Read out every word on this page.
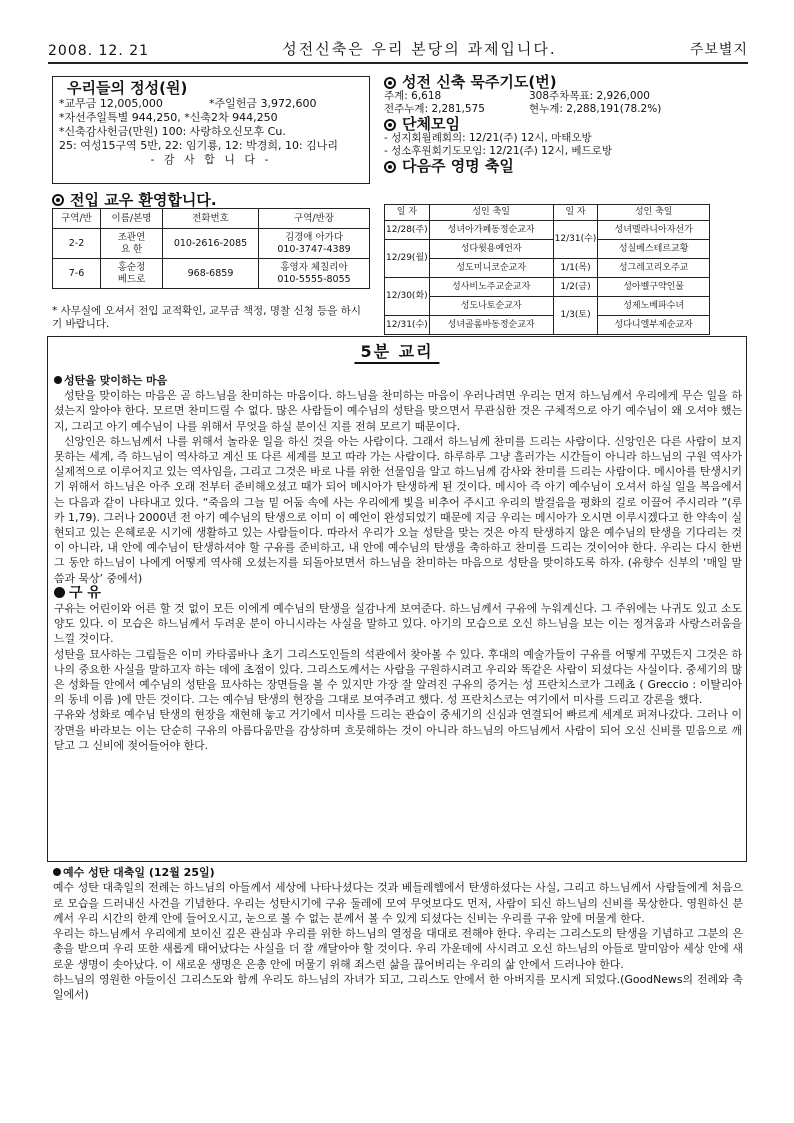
2008. 12. 21	성전신축은 우리 본당의 과제입니다.	주보별지
우리들의 정성(원)
*교무금 12,005,000	*주일헌금 3,972,600
*자선주일특별 944,250, *신축2차 944,250
*신축감사헌금(만원) 100: 사랑하오신모후 Cu.
25: 여성15구역 5반, 22: 임기룡, 12: 박경희, 10: 김나리
- 감 사 합 니 다 -
전입 교우 환영합니다.
구역/반	이름/본명	전화번호	구역/반장
2-2	조관연
요 한	010-2616-2085	김경애 아가다
010-3747-4389
7-6	홍순정
베드로	968-6859	홍영자 체칠리아
010-5555-8055
* 사무실에 오셔서 전입 교적확인, 교무금 책정, 명찰 신청 등을 하시기 바랍니다.
성전 신축 묵주기도(번)
주계: 6,618	308주차목표: 2,926,000
전주누계: 2,281,575	현누계: 2,288,191(78.2%)
단체모임
- 성지회월례회의: 12/21(주) 12시, 마태오방
- 성소후원회기도모임: 12/21(주) 12시, 베드로방
다음주 영명 축일
일 자	성인 축일	일 자	성인 축일
12/28(주)	성녀아가페동정순교자	12/31(수)	성녀멜라니아자선가
12/29(월)	성다윗용예언자		성실베스테르교황
	성도미니코순교자	1/1(목)	성그레고리오주교
12/30(화)	성사비노주교순교자	1/2(금)	성아벨구약인물
	성도나토순교자	1/3(토)	성제노베파수녀
12/31(수)	성녀골롬바동정순교자		성다니엘부제순교자
5분 교리
성탄을 맞이하는 마음

성탄을 맞이하는 마음은 곧 하느님을 찬미하는 마음이다. 하느님을 찬미하는 마음이 우러나려면 우리는 먼저 하느님께서 우리에게 무슨 일을 하셨는지 알아야 한다. 모르면 찬미드릴 수 없다. 많은 사람들이 예수님의 성탄을 맞으면서 무관심한 것은 구체적으로 아기 예수님이 왜 오셔야 했는지, 그리고 아기 예수님이 나를 위해서 무엇을 하실 분이신 지를 전혀 모르기 때문이다.

신앙인은 하느님께서 나를 위해서 놀라운 일을 하신 것을 아는 사람이다. 그래서 하느님께 찬미를 드리는 사람이다. 신앙인은 다른 사람이 보지 못하는 세계, 즉 하느님이 역사하고 계신 또 다른 세계를 보고 따라 가는 사람이다. 하루하루 그냥 흘러가는 시간들이 아니라 하느님의 구원 역사가 실제적으로 이루어지고 있는 역사임을, 그리고 그것은 바로 나를 위한 선물임을 알고 하느님께 감사와 찬미를 드리는 사람이다. 메시아를 탄생시키기 위해서 하느님은 아주 오래 전부터 준비해오셨고 때가 되어 메시아가 탄생하게 된 것이다. 메시아 즉 아기 예수님이 오셔서 하실 일을 복음에서는 다음과 같이 나타내고 있다. “죽음의 그늘 밑 어둠 속에 사는 우리에게 빛을 비추어 주시고 우리의 발걸음을 평화의 길로 이끌어 주시리라 ”(루카 1,79). 그러나 2000년 전 아기 예수님의 탄생으로 이미 이 예언이 완성되었기 때문에 지금 우리는 메시아가 오시면 이루시겠다고 한 약속이 실현되고 있는 은혜로운 시기에 생활하고 있는 사람들이다. 따라서 우리가 오늘 성탄을 맞는 것은 아직 탄생하지 않은 예수님의 탄생을 기다리는 것이 아니라, 내 안에 예수님이 탄생하셔야 할 구유를 준비하고, 내 안에 예수님의 탄생을 축하하고 찬미를 드리는 것이어야 한다. 우리는 다시 한번 그 동안 하느님이 나에게 어떻게 역사해 오셨는지를 되돌아보면서 하느님을 찬미하는 마음으로 성탄을 맞이하도록 하자. (유향수 신부의 ‘매일 말씀과 묵상’ 중에서)

구 유
구유는 어린이와 어른 할 것 없이 모든 이에게 예수님의 탄생을 실감나게 보여준다. 하느님께서 구유에 누워계신다. 그 주위에는 나귀도 있고 소도 양도 있다. 이 모습은 하느님께서 두려운 분이 아니시라는 사실을 말하고 있다. 아기의 모습으로 오신 하느님을 보는 이는 정겨움과 사랑스러움을 느낄 것이다.
성탄을 묘사하는 그림들은 이미 카타콤바나 초기 그리스도인들의 석관에서 찾아볼 수 있다. 후대의 예술가들이 구유를 어떻게 꾸몄든지 그것은 하나의 중요한 사실을 말하고자 하는 데에 초점이 있다. 그리스도께서는 사람을 구원하시려고 우리와 똑같은 사람이 되셨다는 사실이다. 중세기의 많은 성화들 안에서 예수님의 성탄을 묘사하는 장면들을 볼 수 있지만 가장 잘 알려진 구유의 증거는 성 프란치스코가 그레쵸 ( Greccio : 이탈리아의 동네 이름 )에 만든 것이다. 그는 예수님 탄생의 현장을 그대로 보여주려고 했다. 성 프란치스코는 여기에서 미사를 드리고 강론을 했다.
구유와 성화로 예수님 탄생의 현장을 재현해 놓고 거기에서 미사를 드리는 관습이 중세기의 신심과 연결되어 빠르게 세계로 퍼져나갔다. 그러나 이 장면을 바라보는 이는 단순히 구유의 아름다움만을 감상하며 흐뭇해하는 것이 아니라 하느님의 아드님께서 사람이 되어 오신 신비를 믿음으로 깨닫고 그 신비에 젖어들어야 한다.
예수 성탄 대축일 (12월 25일)
예수 성탄 대축일의 전례는 하느님의 아들께서 세상에 나타나셨다는 것과 베들레헴에서 탄생하셨다는 사실, 그리고 하느님께서 사람들에게 처음으로 모습을 드러내신 사건을 기념한다. 우리는 성탄시기에 구유 둘레에 모여 무엇보다도 먼저, 사람이 되신 하느님의 신비를 묵상한다. 영원하신 분께서 우리 시간의 한계 안에 들어오시고, 눈으로 볼 수 없는 분께서 볼 수 있게 되셨다는 신비는 우리를 구유 앞에 머물게 한다.
우리는 하느님께서 우리에게 보이신 깊은 관심과 우리를 위한 하느님의 열정을 대대로 전해야 한다. 우리는 그리스도의 탄생을 기념하고 그분의 은총을 받으며 우리 또한 새롭게 태어났다는 사실을 더 잘 깨달아야 할 것이다. 우리 가운데에 사시려고 오신 하느님의 아들로 말미암아 세상 안에 새로운 생명이 솟아났다. 이 새로운 생명은 은총 안에 머물기 위해 죄스런 삶을 끊어버리는 우리의 삶 안에서 드러나야 한다.
하느님의 영원한 아들이신 그리스도와 함께 우리도 하느님의 자녀가 되고, 그리스도 안에서 한 아버지를 모시게 되었다.(GoodNews의 전례와 축일에서)
